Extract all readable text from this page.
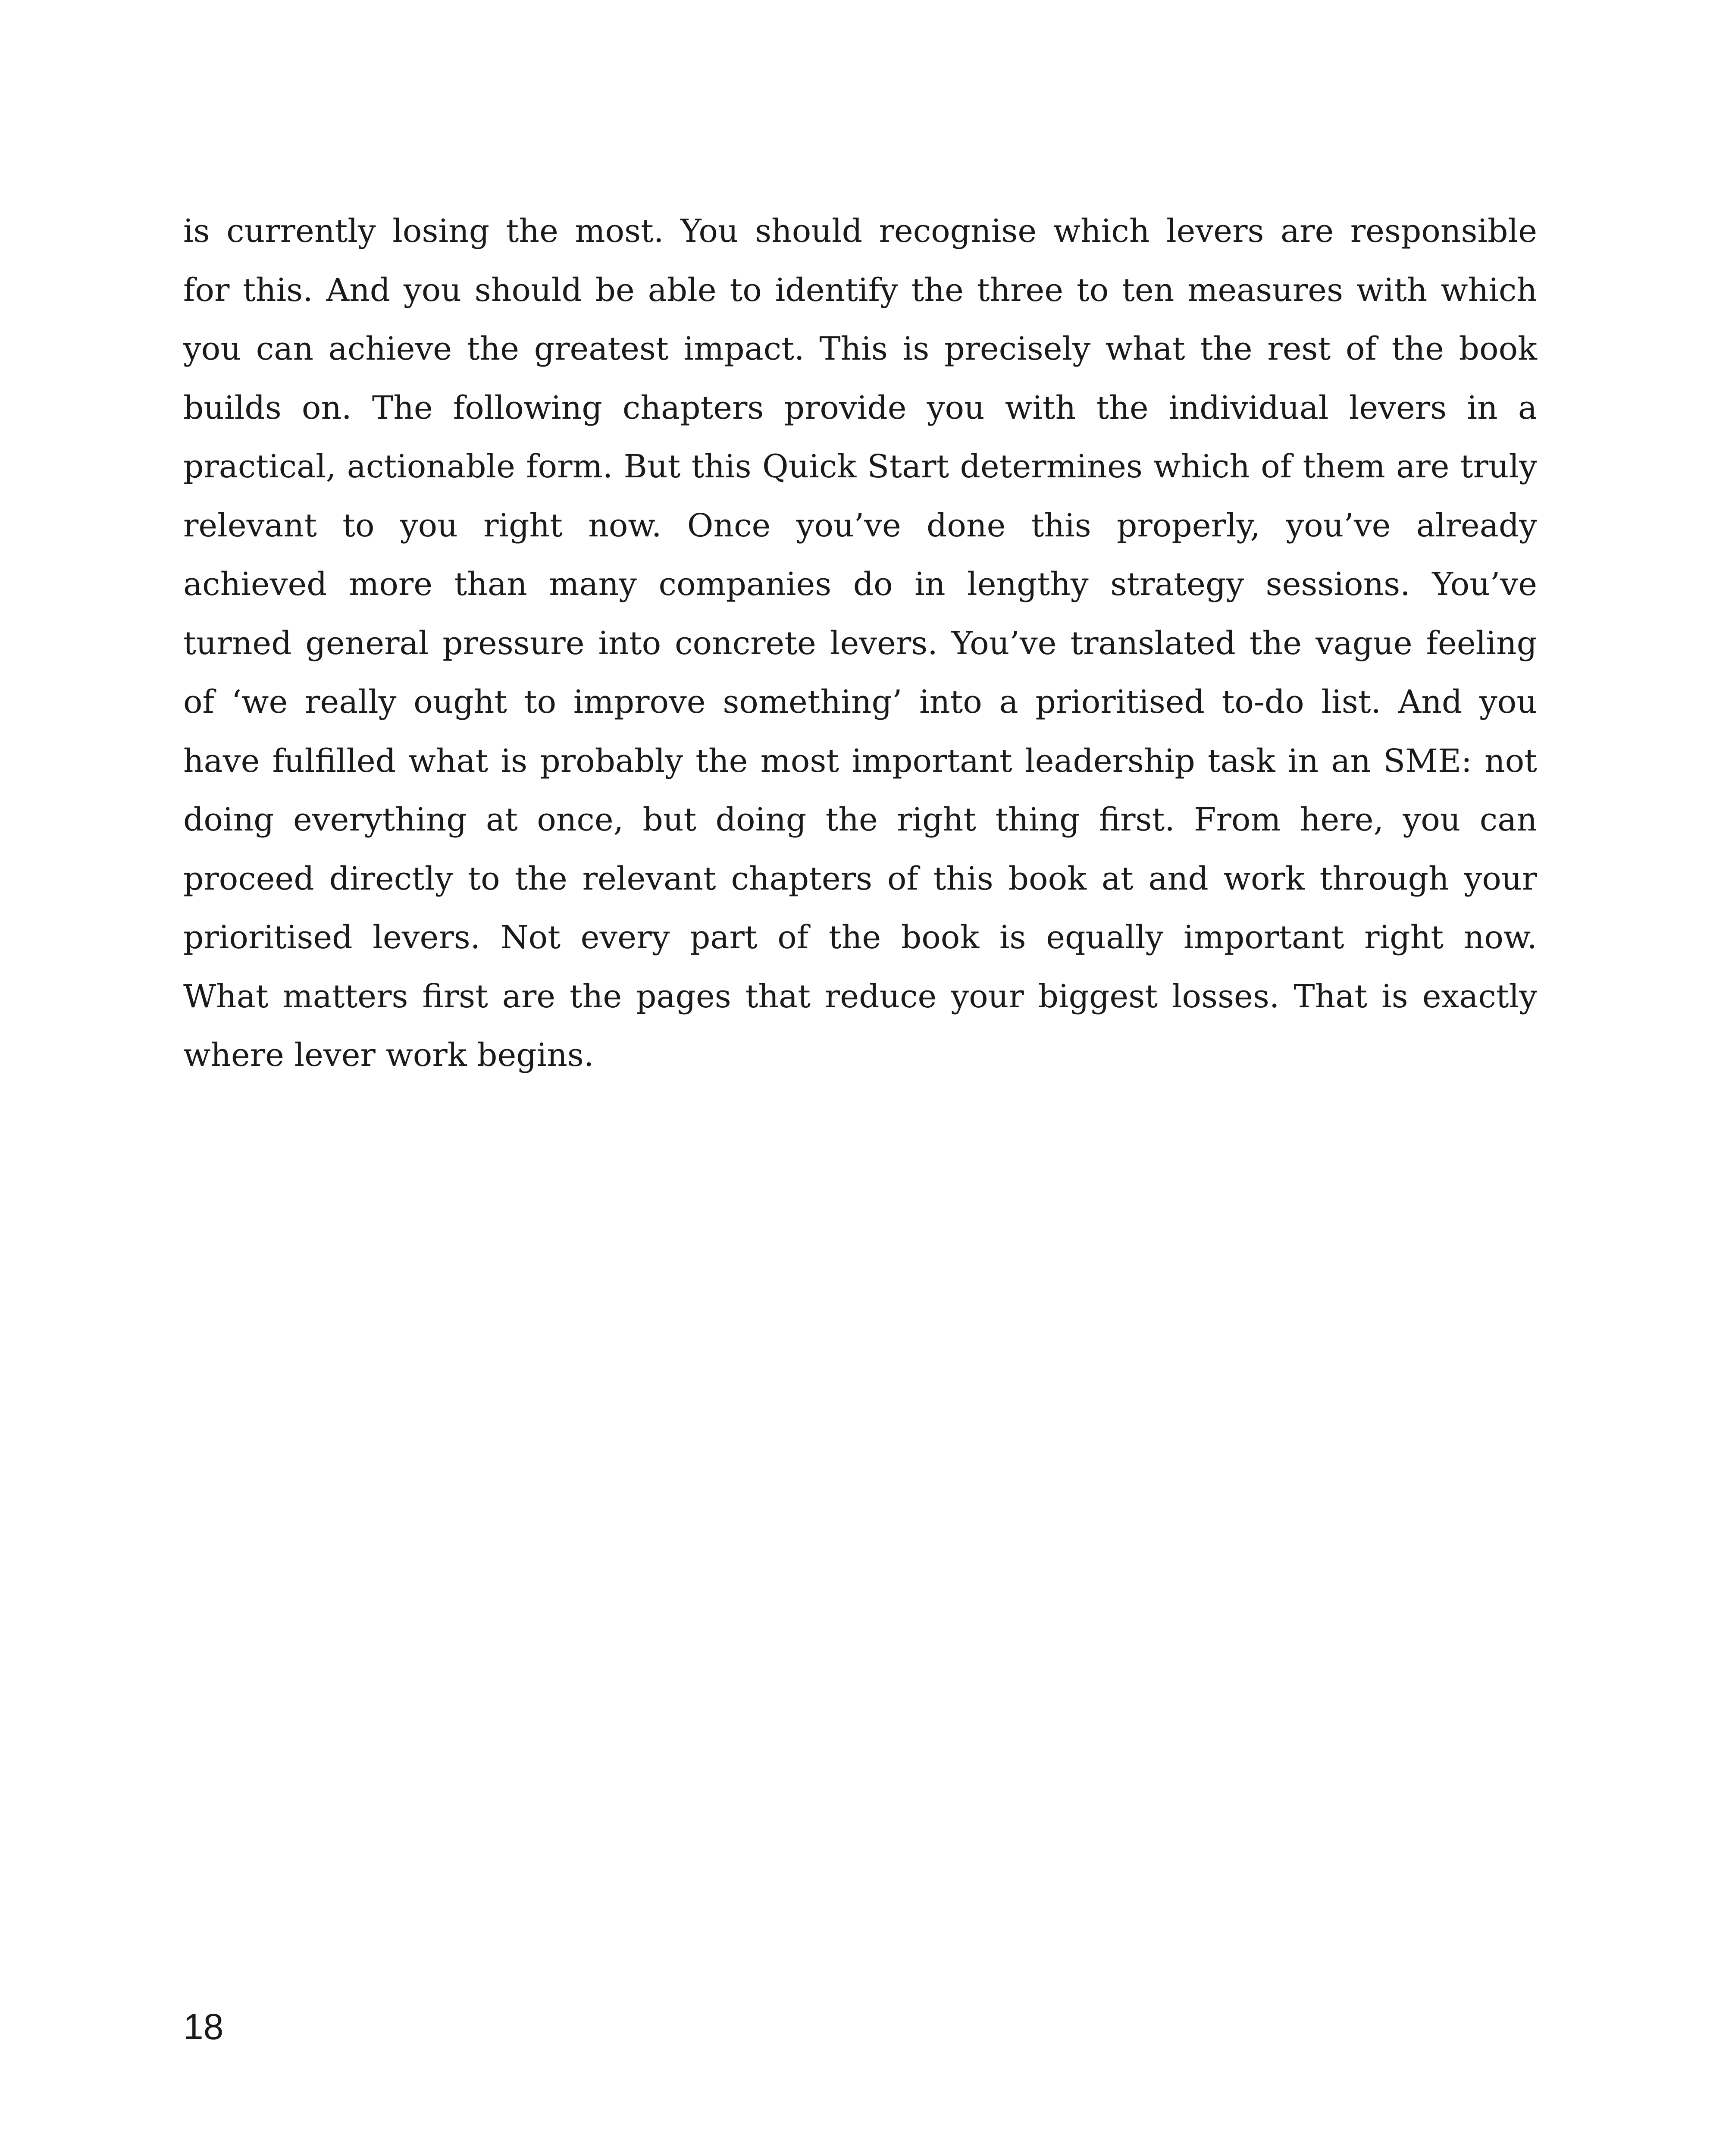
is currently losing the most. You should recognise which levers are responsible
for this. And you should be able to identify the three to ten measures with which
you can achieve the greatest impact. This is precisely what the rest of the book
builds on. The following chapters provide you with the individual levers in a
practical, actionable form. But this Quick Start determines which of them are truly
relevant to you right now. Once you’ve done this properly, you’ve already
achieved more than many companies do in lengthy strategy sessions. You’ve
turned general pressure into concrete levers. You’ve translated the vague feeling
of ‘we really ought to improve something’ into a prioritised to-do list. And you
have fulfilled what is probably the most important leadership task in an SME: not
doing everything at once, but doing the right thing first. From here, you can
proceed directly to the relevant chapters of this book at and work through your
prioritised levers. Not every part of the book is equally important right now.
What matters first are the pages that reduce your biggest losses. That is exactly
where lever work begins.
18
